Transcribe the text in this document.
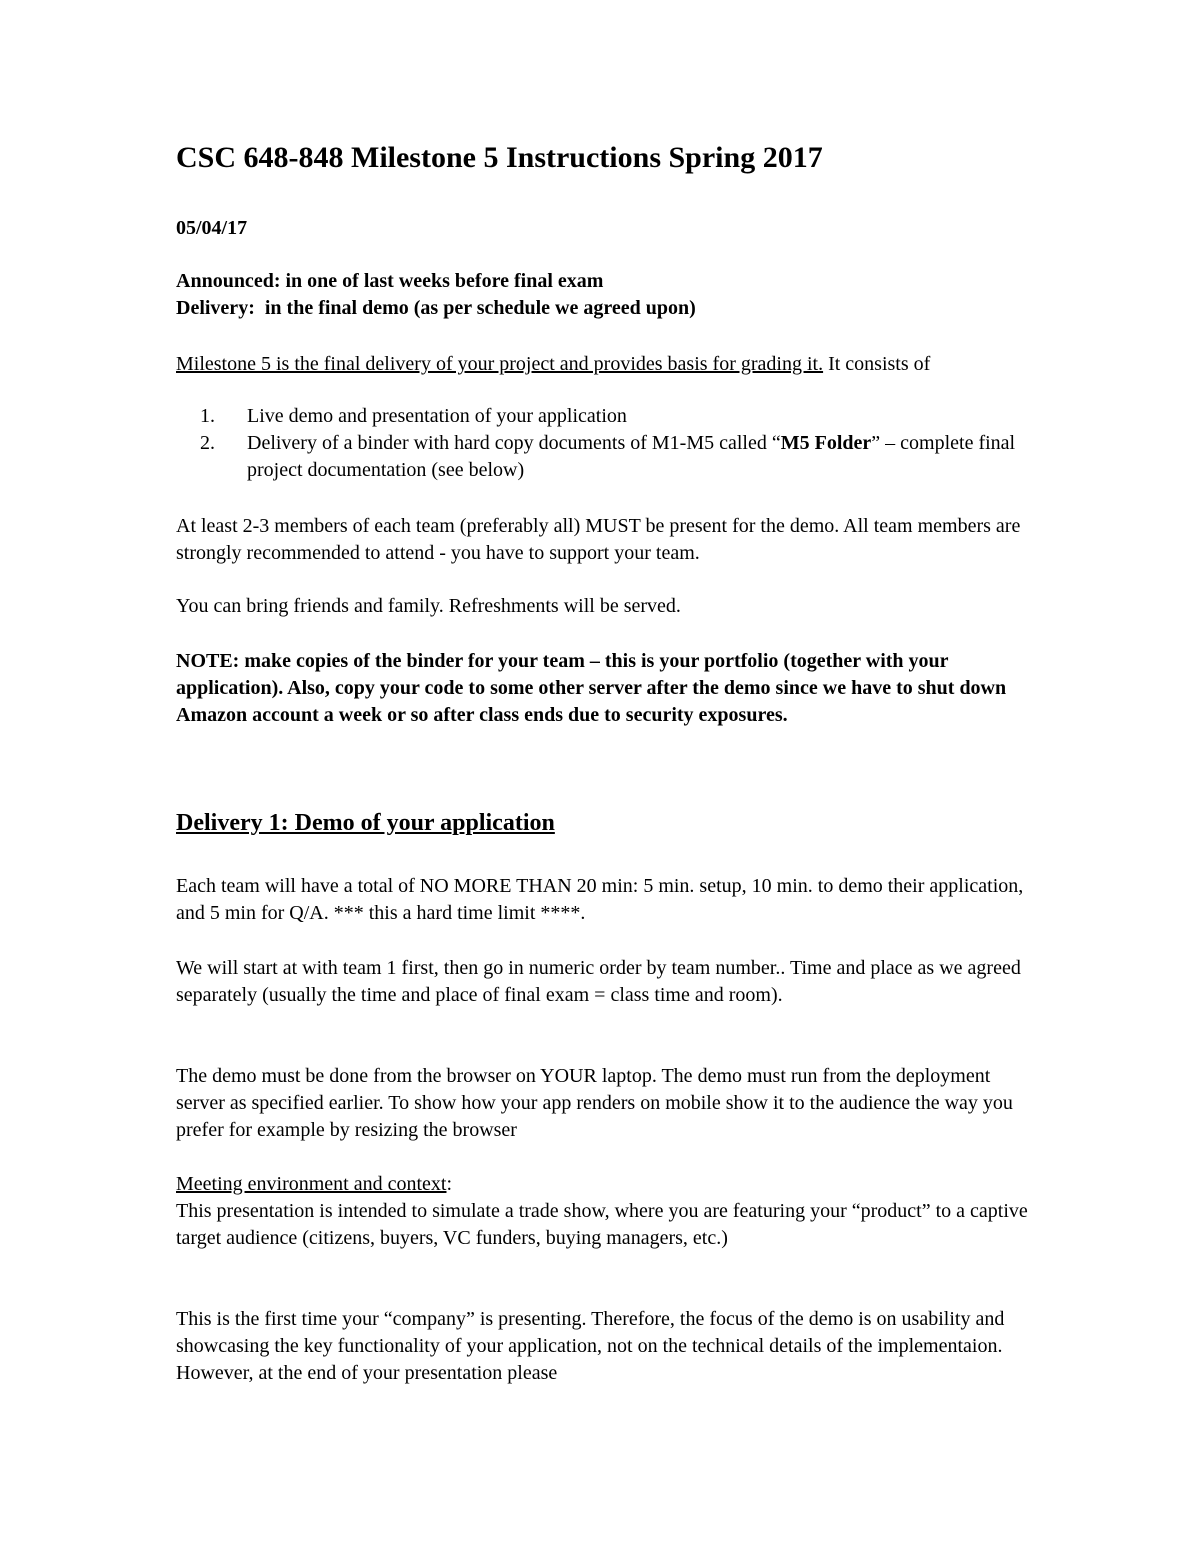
CSC 648-848 Milestone 5 Instructions Spring 2017

05/04/17

Announced: in one of last weeks before final exam
Delivery:  in the final demo (as per schedule we agreed upon)

Milestone 5 is the final delivery of your project and provides basis for grading it. It consists of

1. Live demo and presentation of your application
2. Delivery of a binder with hard copy documents of M1-M5 called “M5 Folder” – complete final project documentation (see below)

At least 2-3 members of each team (preferably all) MUST be present for the demo. All team members are strongly recommended to attend - you have to support your team.

You can bring friends and family. Refreshments will be served.

NOTE: make copies of the binder for your team – this is your portfolio (together with your application). Also, copy your code to some other server after the demo since we have to shut down Amazon account a week or so after class ends due to security exposures.

Delivery 1: Demo of your application

Each team will have a total of NO MORE THAN 20 min: 5 min. setup, 10 min. to demo their application, and 5 min for Q/A. *** this a hard time limit ****.

We will start at with team 1 first, then go in numeric order by team number.. Time and place as we agreed separately (usually the time and place of final exam = class time and room).

The demo must be done from the browser on YOUR laptop. The demo must run from the deployment server as specified earlier. To show how your app renders on mobile show it to the audience the way you prefer for example by resizing the browser

Meeting environment and context:
This presentation is intended to simulate a trade show, where you are featuring your “product” to a captive target audience (citizens, buyers, VC funders, buying managers, etc.)

This is the first time your “company” is presenting. Therefore, the focus of the demo is on usability and showcasing the key functionality of your application, not on the technical details of the implementaion. However, at the end of your presentation please
